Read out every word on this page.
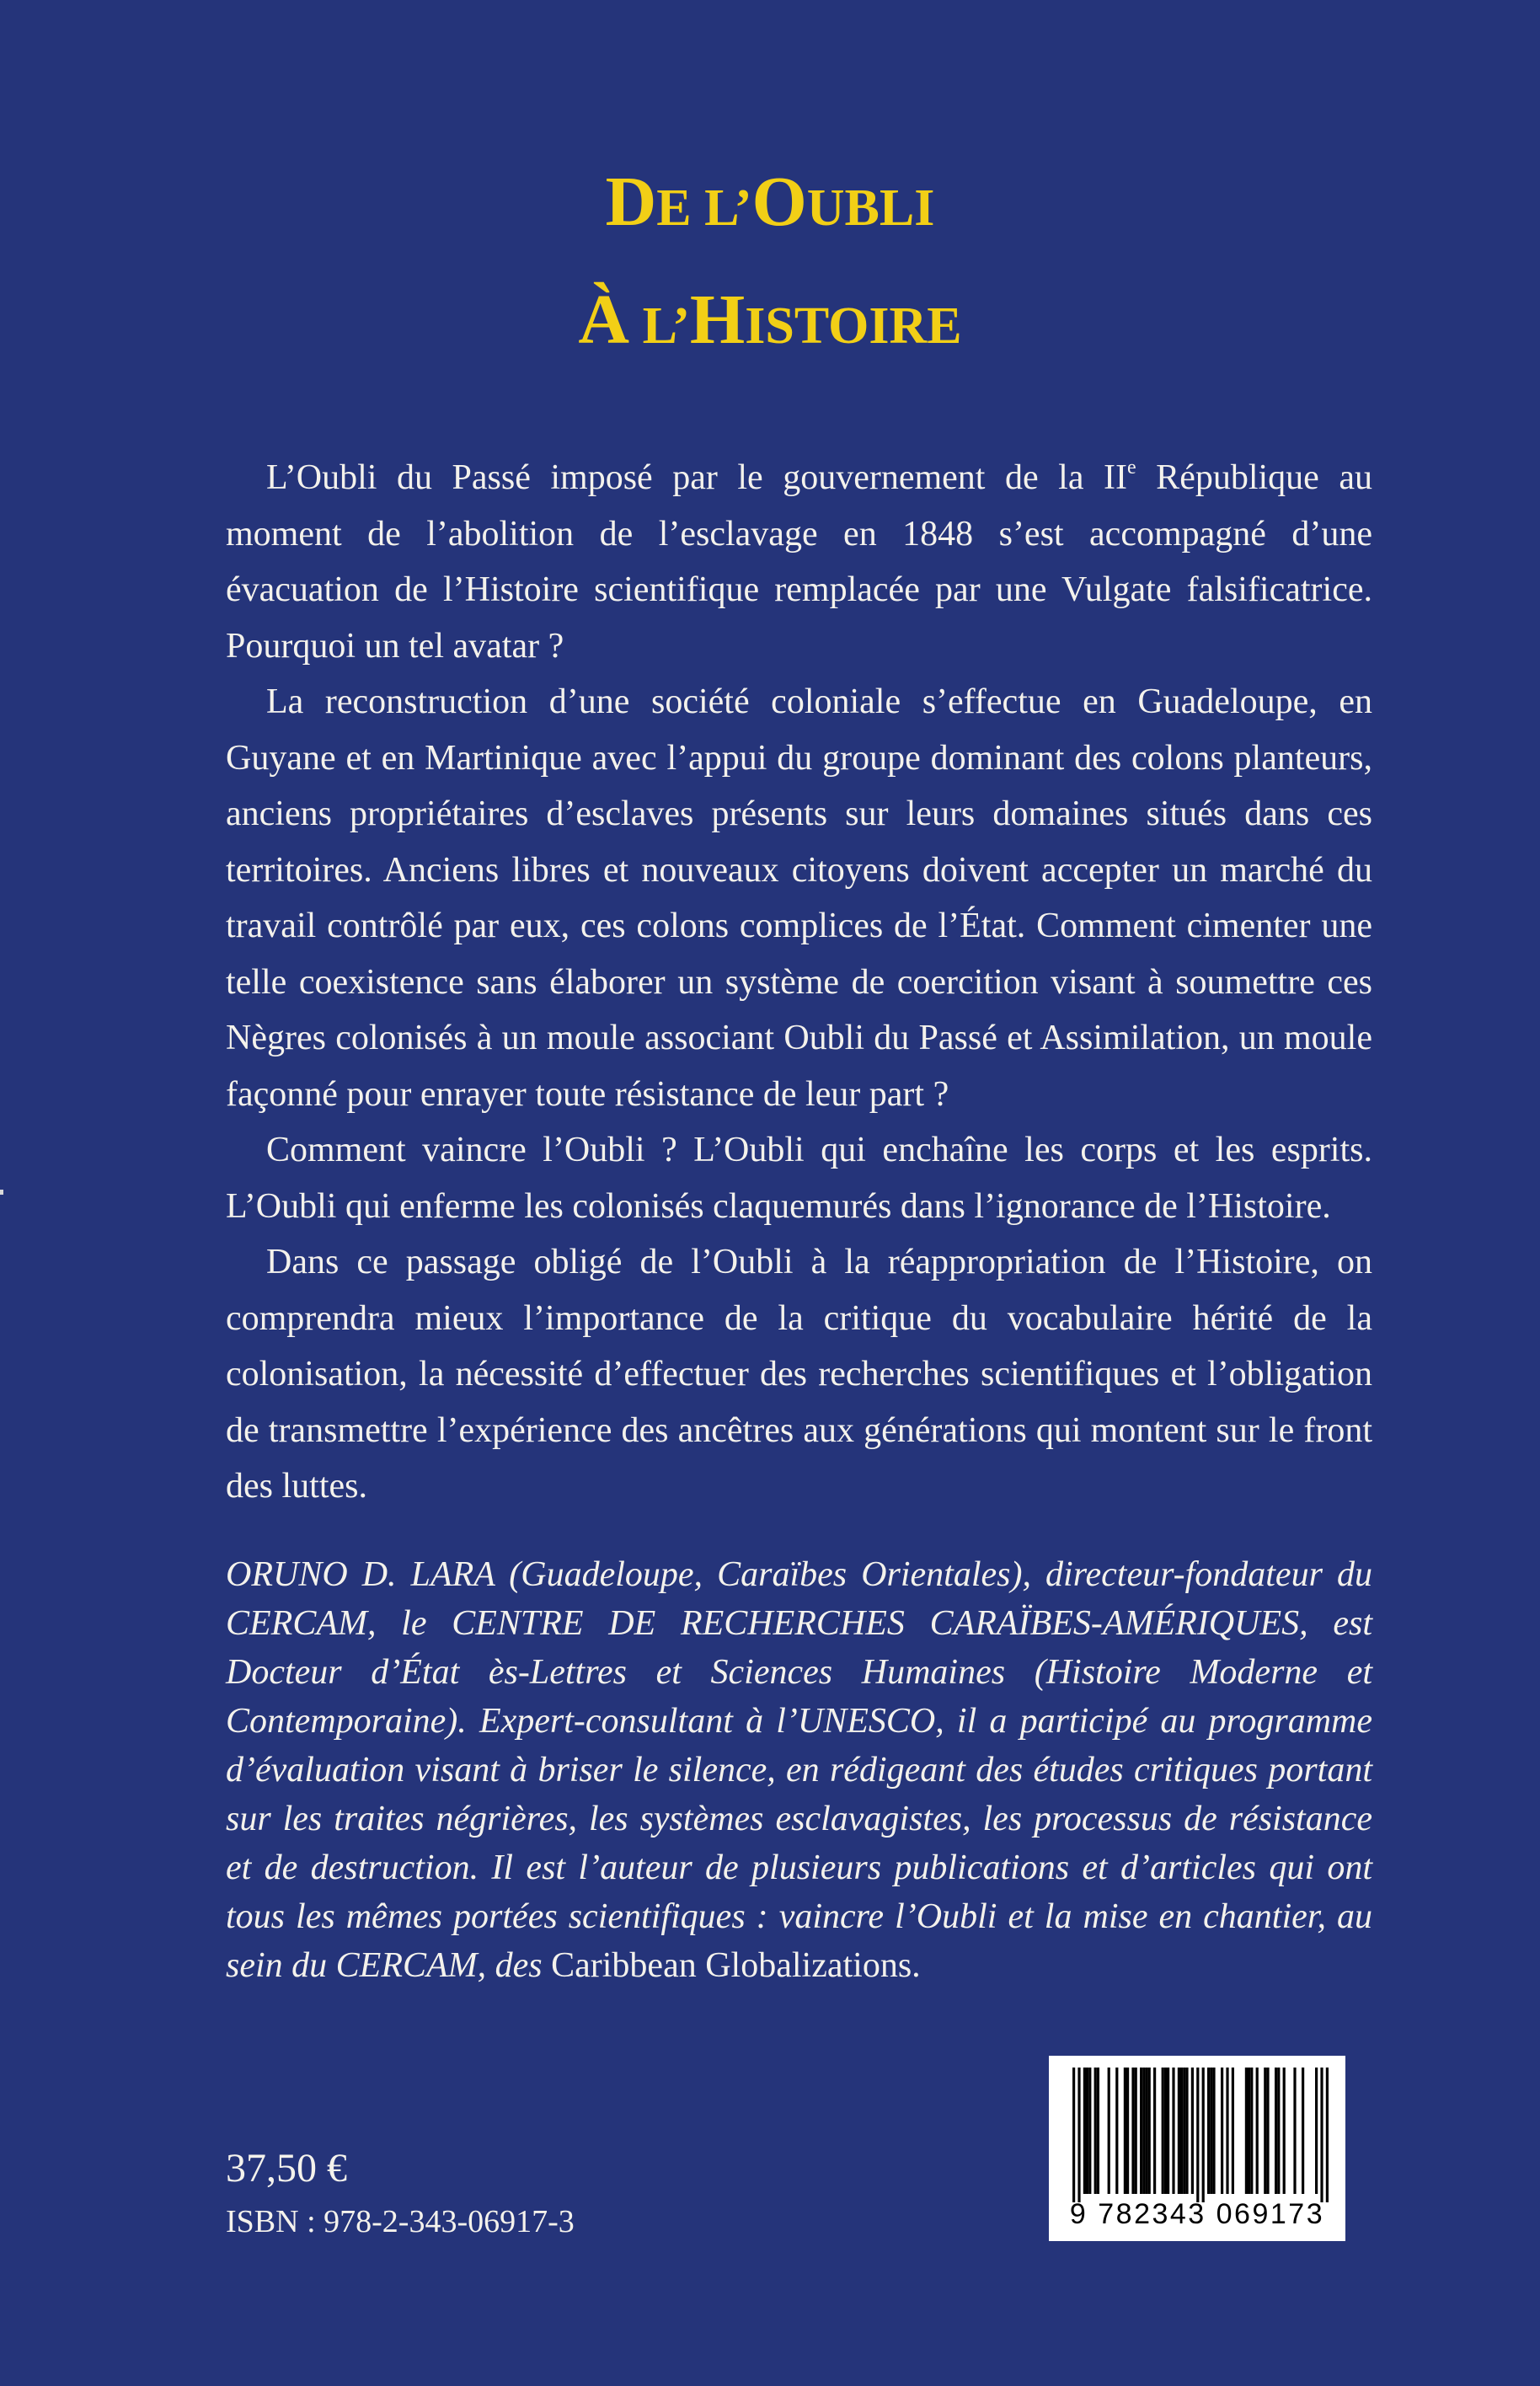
DE L’OUBLI
À L’HISTOIRE

L’Oubli du Passé imposé par le gouvernement de la IIe République au moment de l’abolition de l’esclavage en 1848 s’est accompagné d’une évacuation de l’Histoire scientifique remplacée par une Vulgate falsificatrice. Pourquoi un tel avatar ?

La reconstruction d’une société coloniale s’effectue en Guadeloupe, en Guyane et en Martinique avec l’appui du groupe dominant des colons planteurs, anciens propriétaires d’esclaves présents sur leurs domaines situés dans ces territoires. Anciens libres et nouveaux citoyens doivent accepter un marché du travail contrôlé par eux, ces colons complices de l’État. Comment cimenter une telle coexistence sans élaborer un système de coercition visant à soumettre ces Nègres colonisés à un moule associant Oubli du Passé et Assimilation, un moule façonné pour enrayer toute résistance de leur part ?

Comment vaincre l’Oubli ? L’Oubli qui enchaîne les corps et les esprits. L’Oubli qui enferme les colonisés claquemurés dans l’ignorance de l’Histoire.

Dans ce passage obligé de l’Oubli à la réappropriation de l’Histoire, on comprendra mieux l’importance de la critique du vocabulaire hérité de la colonisation, la nécessité d’effectuer des recherches scientifiques et l’obligation de transmettre l’expérience des ancêtres aux générations qui montent sur le front des luttes.

ORUNO D. LARA (Guadeloupe, Caraïbes Orientales), directeur-fondateur du CERCAM, le CENTRE DE RECHERCHES CARAÏBES-AMÉRIQUES, est Docteur d’État ès-Lettres et Sciences Humaines (Histoire Moderne et Contemporaine). Expert-consultant à l’UNESCO, il a participé au programme d’évaluation visant à briser le silence, en rédigeant des études critiques portant sur les traites négrières, les systèmes esclavagistes, les processus de résistance et de destruction. Il est l’auteur de plusieurs publications et d’articles qui ont tous les mêmes portées scientifiques : vaincre l’Oubli et la mise en chantier, au sein du CERCAM, des Caribbean Globalizations.

37,50 €
ISBN : 978-2-343-06917-3	9 782343 069173
